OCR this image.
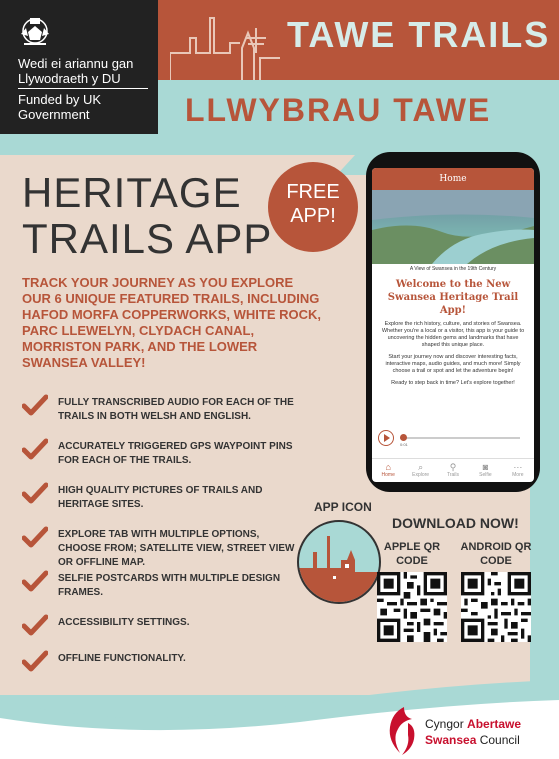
Wedi ei ariannu gan Llywodraeth y DU
Funded by UK Government
TAWE TRAILS
LLWYBRAU TAWE
FREE
APP!
HERITAGE
TRAILS APP
TRACK YOUR JOURNEY AS YOU EXPLORE OUR 6 UNIQUE FEATURED TRAILS, INCLUDING HAFOD MORFA COPPERWORKS, WHITE ROCK, PARC LLEWELYN, CLYDACH CANAL, MORRISTON PARK, AND THE LOWER SWANSEA VALLEY!
FULLY TRANSCRIBED AUDIO FOR EACH OF THE TRAILS IN BOTH WELSH AND ENGLISH.
ACCURATELY TRIGGERED GPS WAYPOINT PINS FOR EACH OF THE TRAILS.
HIGH QUALITY PICTURES OF TRAILS AND HERITAGE SITES.
EXPLORE TAB WITH MULTIPLE OPTIONS, CHOOSE FROM; SATELLITE VIEW, STREET VIEW OR OFFLINE MAP.
SELFIE POSTCARDS WITH MULTIPLE DESIGN FRAMES.
ACCESSIBILITY SETTINGS.
OFFLINE FUNCTIONALITY.
Home
A View of Swansea in the 19th Century
Welcome to the New Swansea Heritage Trail App!

Explore the rich history, culture, and stories of Swansea. Whether you're a local or a visitor, this app is your guide to uncovering the hidden gems and landmarks that have shaped this unique place.

Start your journey now and discover interesting facts, interactive maps, audio guides, and much more! Simply choose a trail or spot and let the adventure begin!

Ready to step back in time? Let's explore together!

0:01
⌂
Home
⌕
Explore
⚲
Trails
◙
Selfie
⋯
More
APP ICON
DOWNLOAD NOW!
APPLE QR CODE
ANDROID QR CODE
Cyngor Abertawe
Swansea Council
